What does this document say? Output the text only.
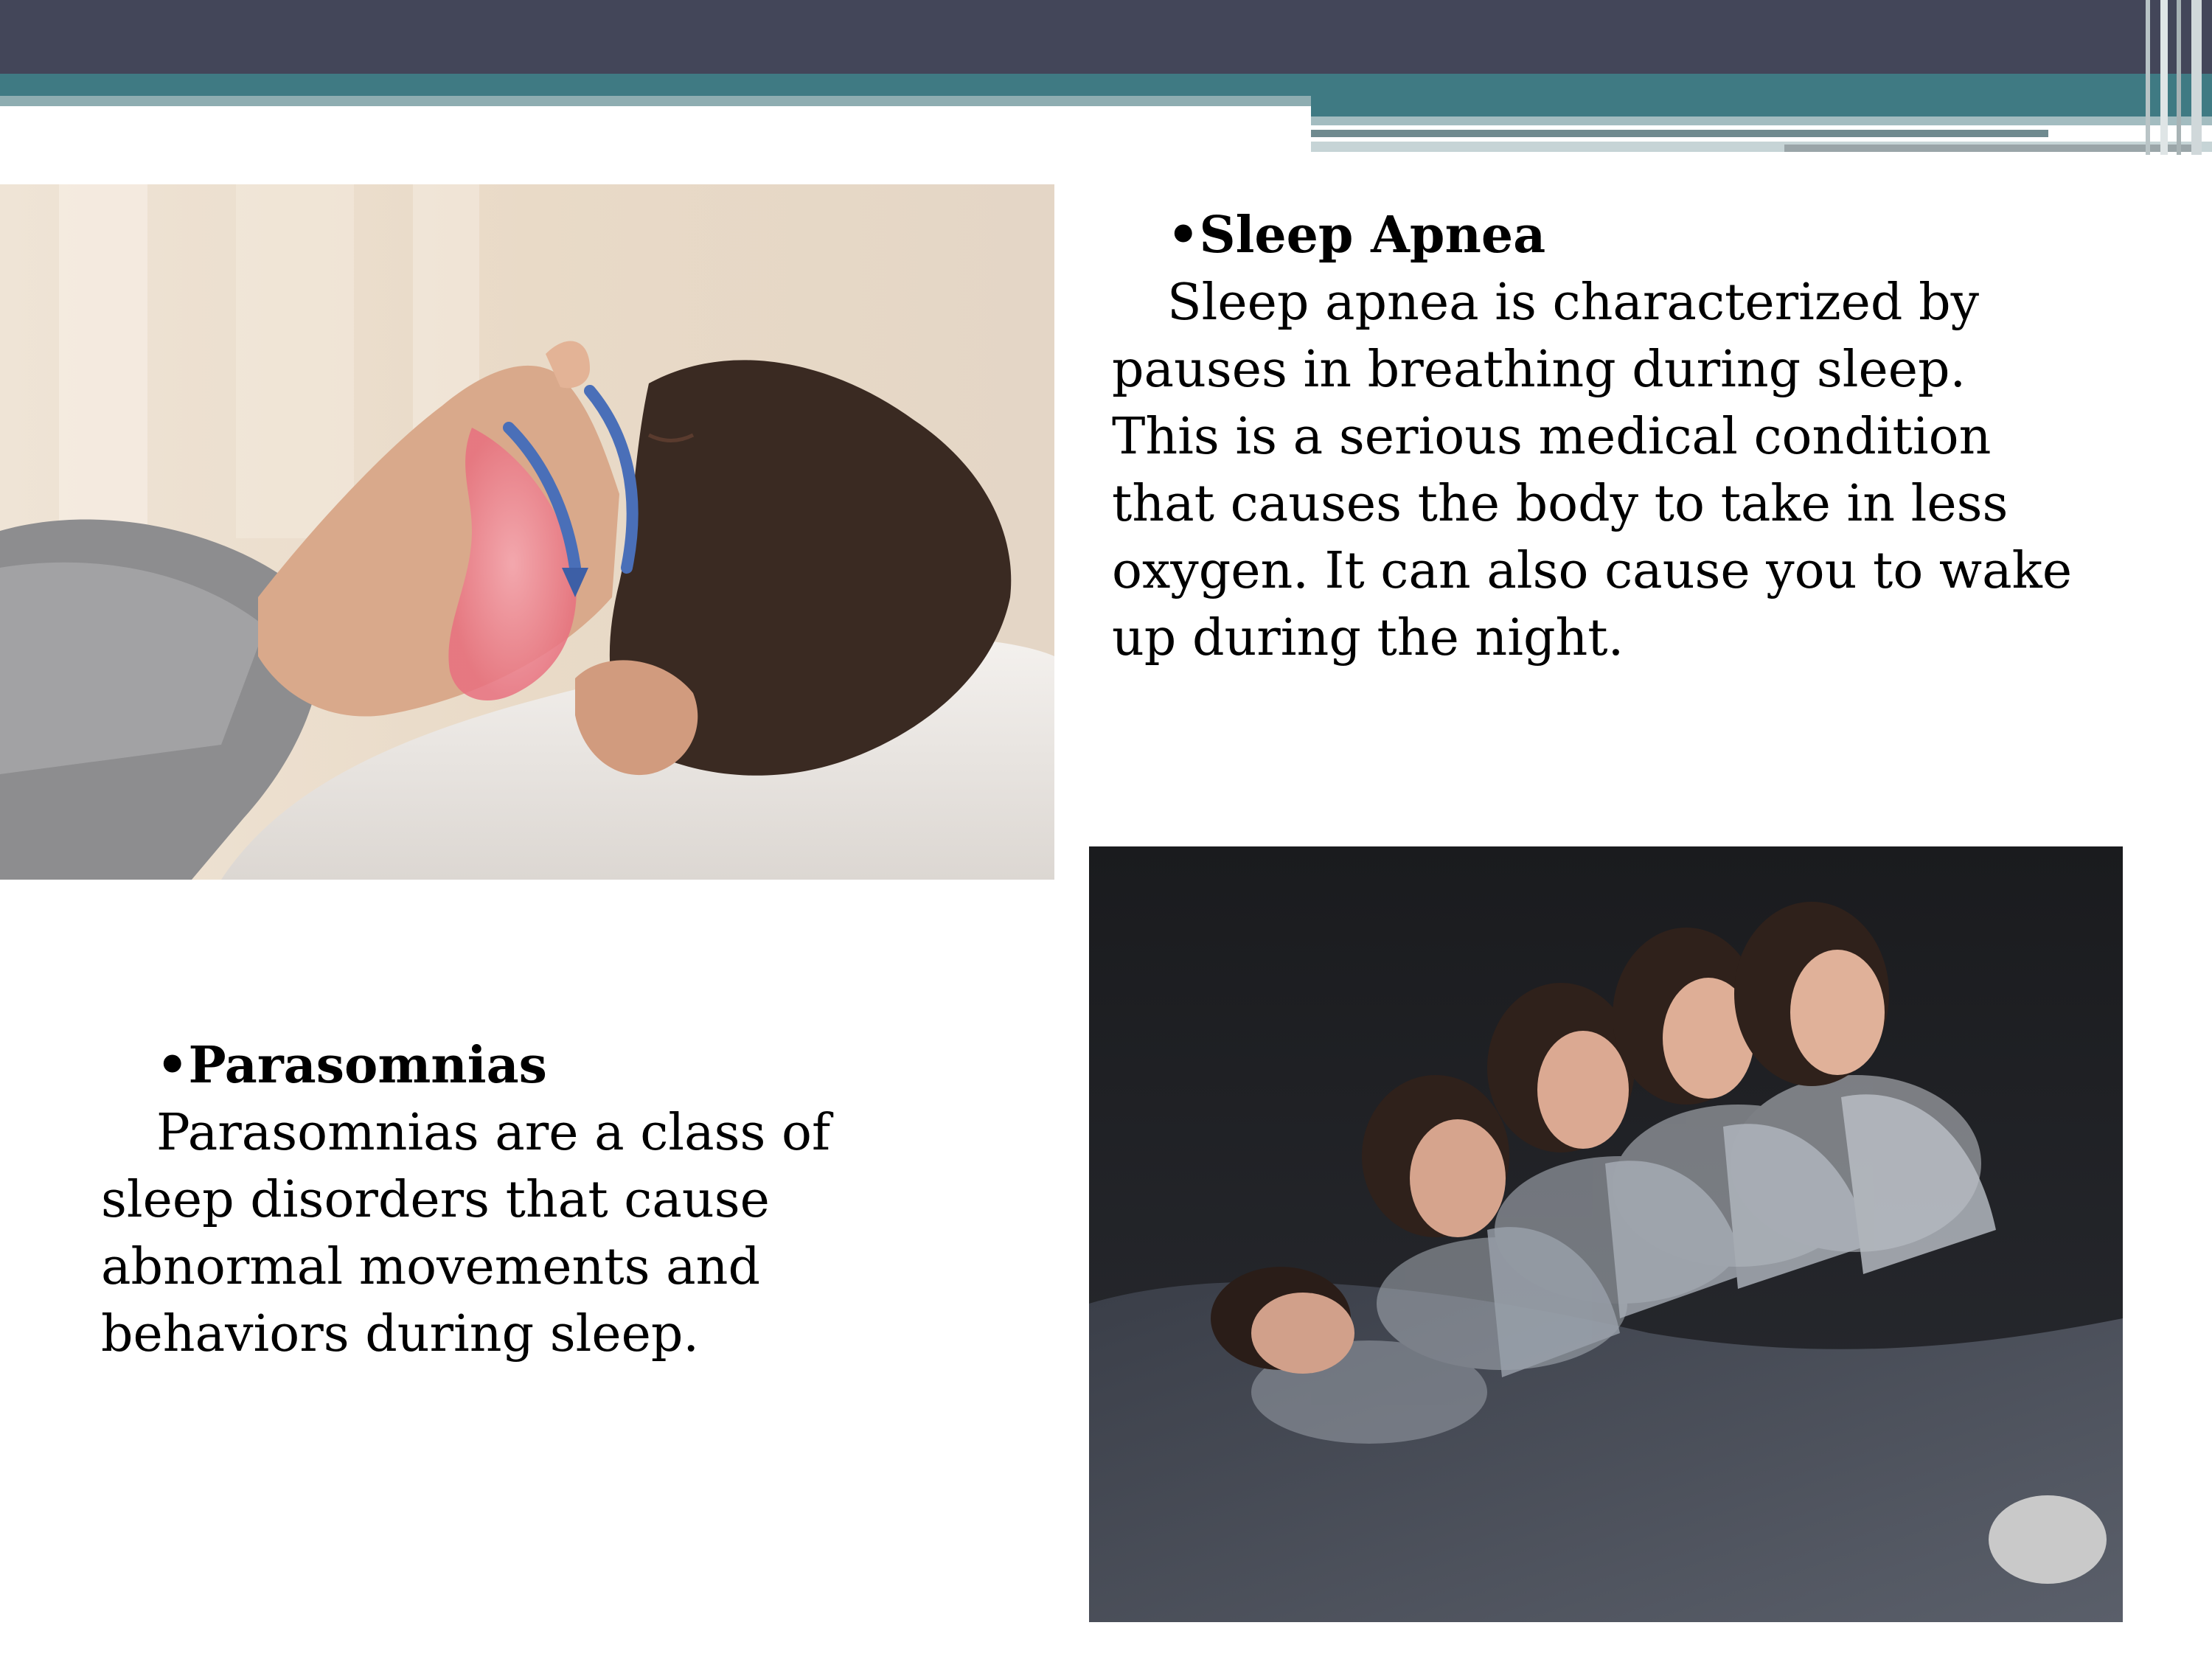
•Sleep Apnea
Sleep apnea is characterized by
pauses in breathing during sleep.
This is a serious medical condition
that causes the body to take in less
oxygen. It can also cause you to wake
up during the night.
•Parasomnias
Parasomnias are a class of
sleep disorders that cause
abnormal movements and
behaviors during sleep.
